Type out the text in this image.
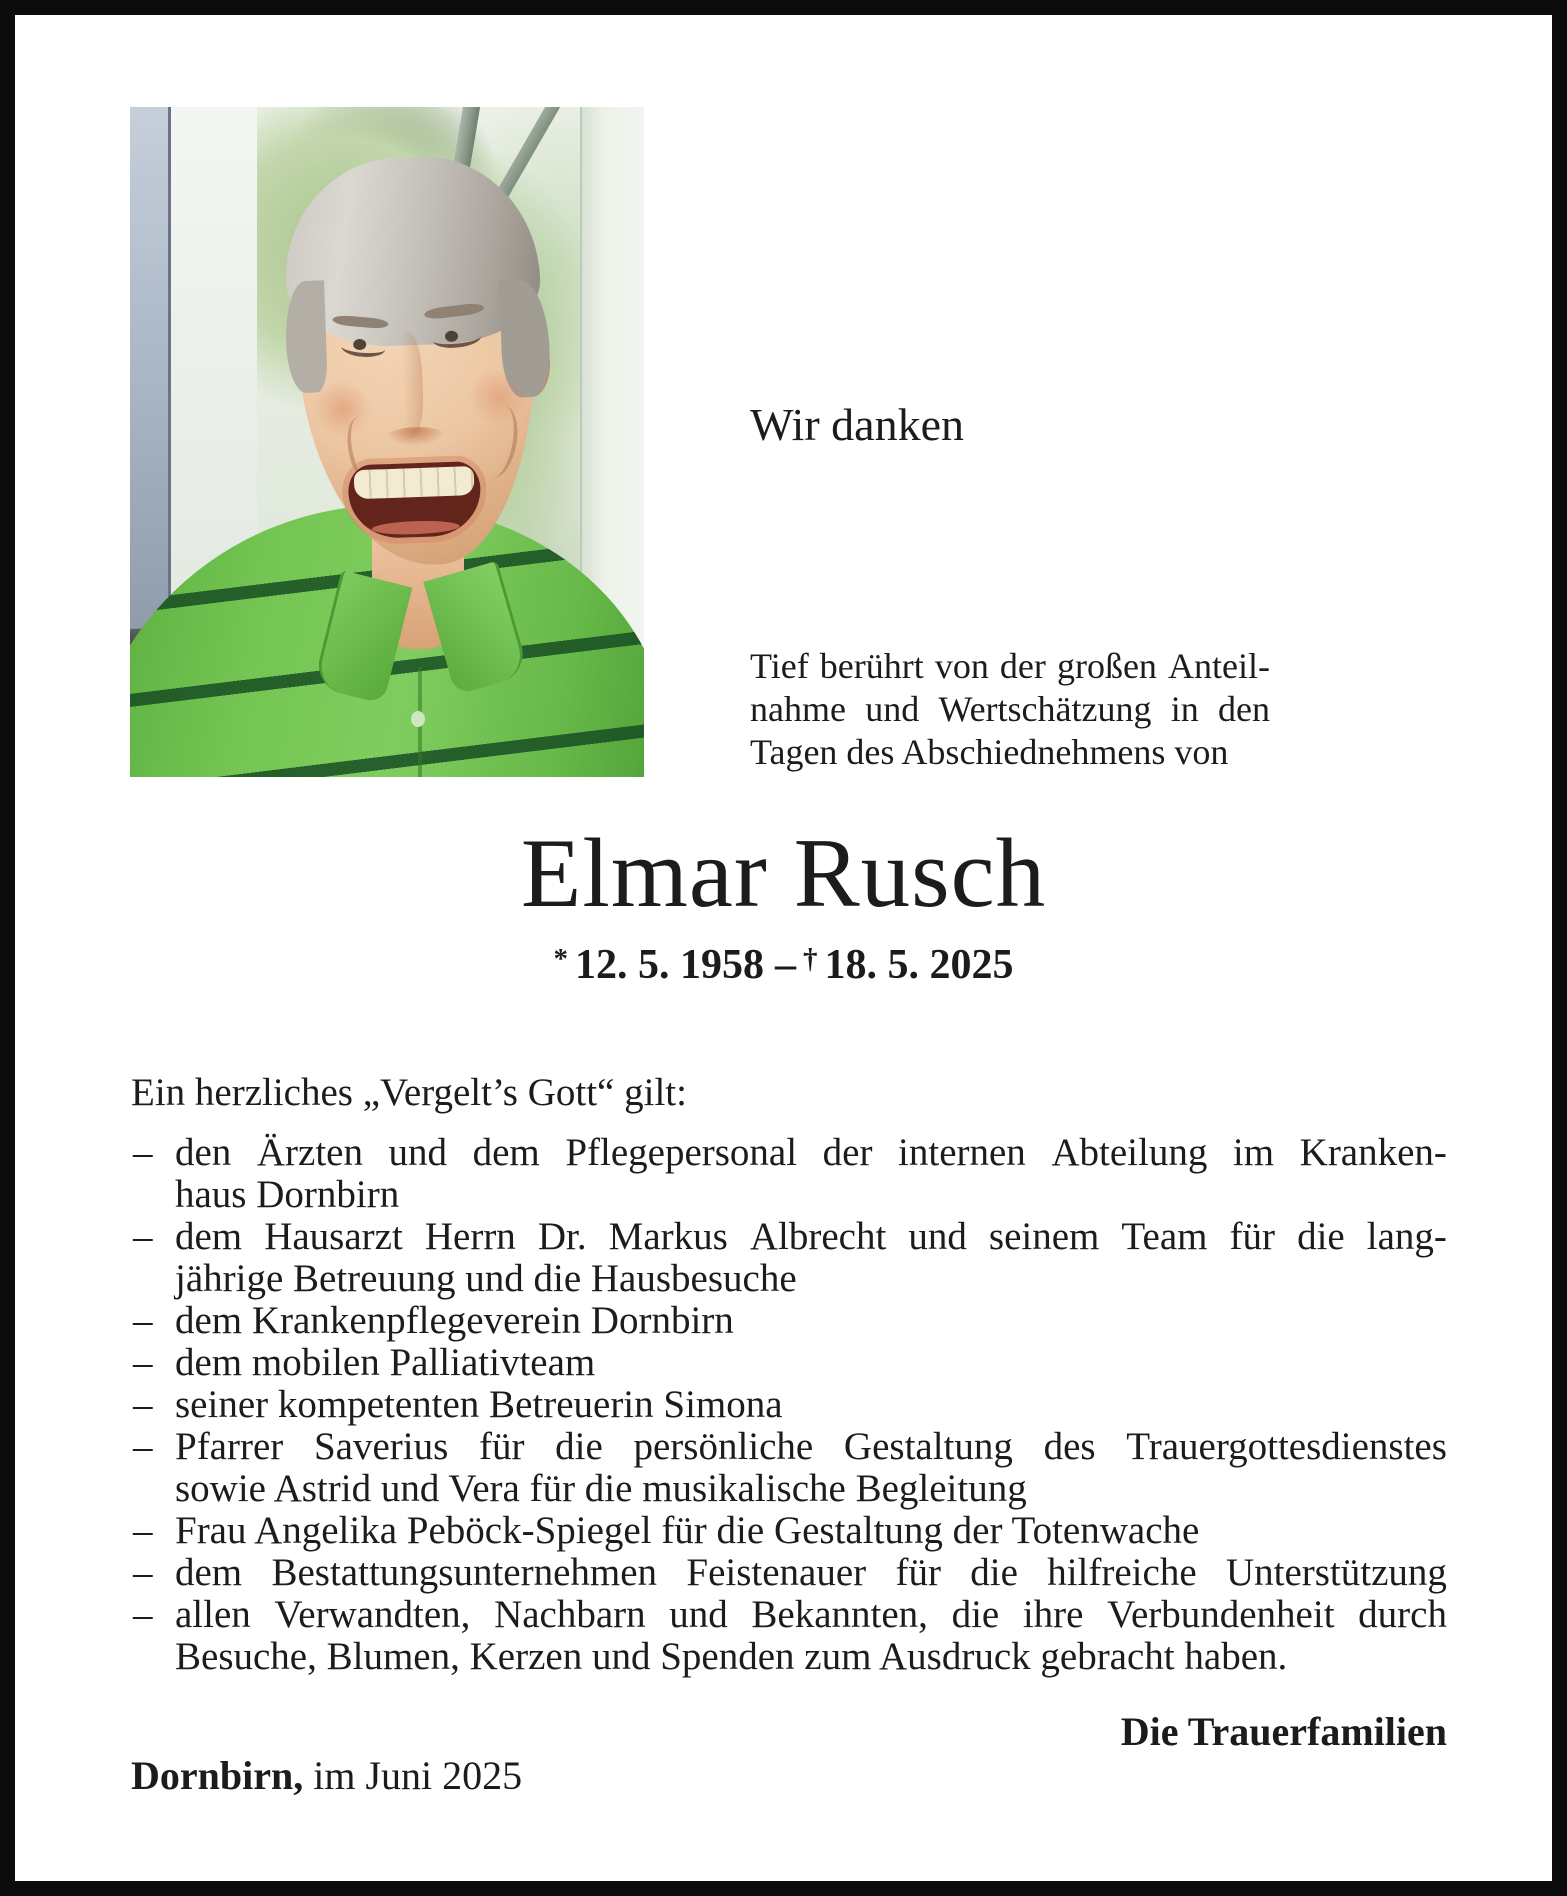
Wir danken
Tief berührt von der großen Anteil-
nahme und Wertschätzung in den
Tagen des Abschiednehmens von
Elmar Rusch
* 12. 5. 1958 – † 18. 5. 2025
Ein herzliches „Vergelt’s Gott“ gilt:
– den Ärzten und dem Pflegepersonal der internen Abteilung im Kranken-
haus Dornbirn
– dem Hausarzt Herrn Dr. Markus Albrecht und seinem Team für die lang-
jährige Betreuung und die Hausbesuche
– dem Krankenpflegeverein Dornbirn
– dem mobilen Palliativteam
– seiner kompetenten Betreuerin Simona
– Pfarrer Saverius für die persönliche Gestaltung des Trauergottesdienstes
sowie Astrid und Vera für die musikalische Begleitung
– Frau Angelika Peböck-Spiegel für die Gestaltung der Totenwache
– dem Bestattungsunternehmen Feistenauer für die hilfreiche Unterstützung
– allen Verwandten, Nachbarn und Bekannten, die ihre Verbundenheit durch
Besuche, Blumen, Kerzen und Spenden zum Ausdruck gebracht haben.
Die Trauerfamilien
Dornbirn, im Juni 2025
